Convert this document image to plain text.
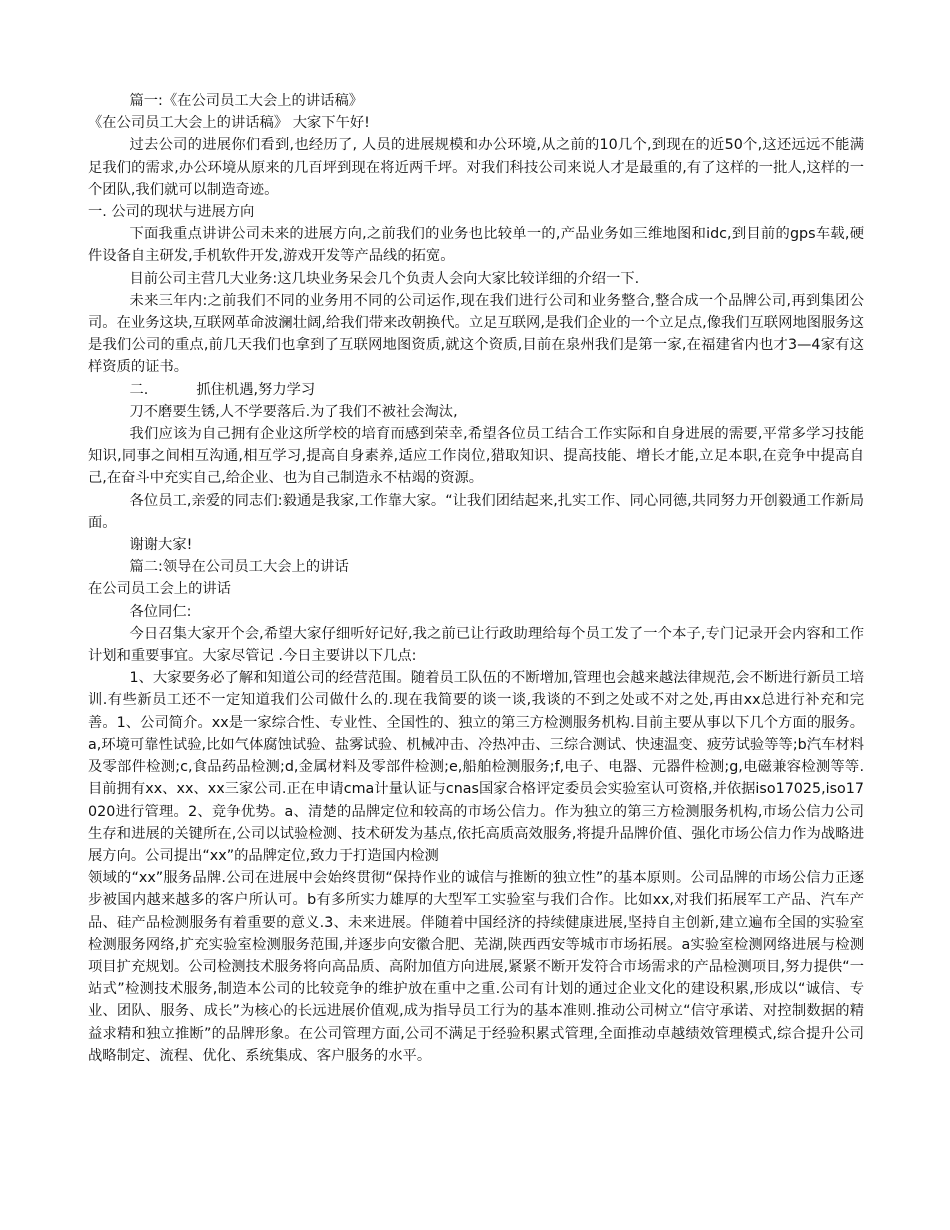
篇一:《在公司员工大会上的讲话稿》

《在公司员工大会上的讲话稿》 大家下午好!

过去公司的进展你们看到,也经历了, 人员的进展规模和办公环境,从之前的10几个,到现在的近50个,这还远远不能满足我们的需求,办公环境从原来的几百坪到现在将近两千坪。对我们科技公司来说人才是最重的,有了这样的一批人,这样的一个团队,我们就可以制造奇迹。

一. 公司的现状与进展方向

下面我重点讲讲公司未来的进展方向,之前我们的业务也比较单一的,产品业务如三维地图和idc,到目前的gps车载,硬件设备自主研发,手机软件开发,游戏开发等产品线的拓宽。

目前公司主营几大业务:这几块业务呆会几个负责人会向大家比较详细的介绍一下.

未来三年内:之前我们不同的业务用不同的公司运作,现在我们进行公司和业务整合,整合成一个品牌公司,再到集团公司。在业务这块,互联网革命波澜壮阔,给我们带来改朝换代。立足互联网,是我们企业的一个立足点,像我们互联网地图服务这是我们公司的重点,前几天我们也拿到了互联网地图资质,就这个资质,目前在泉州我们是第一家,在福建省内也才3—4家有这样资质的证书。

二.	抓住机遇,努力学习

刀不磨要生锈,人不学要落后.为了我们不被社会淘汰,

我们应该为自己拥有企业这所学校的培育而感到荣幸,希望各位员工结合工作实际和自身进展的需要,平常多学习技能知识,同事之间相互沟通,相互学习,提高自身素养,适应工作岗位,猎取知识、提高技能、增长才能,立足本职,在竞争中提高自己,在奋斗中充实自己,给企业、也为自己制造永不枯竭的资源。

各位员工,亲爱的同志们:毅通是我家,工作靠大家。“让我们团结起来,扎实工作、同心同德,共同努力开创毅通工作新局面。

谢谢大家!

篇二:领导在公司员工大会上的讲话

在公司员工会上的讲话

各位同仁:

今日召集大家开个会,希望大家仔细听好记好,我之前已让行政助理给每个员工发了一个本子,专门记录开会内容和工作计划和重要事宜。大家尽管记 .今日主要讲以下几点:

1、大家要务必了解和知道公司的经营范围。随着员工队伍的不断增加,管理也会越来越法律规范,会不断进行新员工培训.有些新员工还不一定知道我们公司做什么的.现在我简要的谈一谈,我谈的不到之处或不对之处,再由xx总进行补充和完善。1、公司简介。xx是一家综合性、专业性、全国性的、独立的第三方检测服务机构.目前主要从事以下几个方面的服务。a,环境可靠性试验,比如气体腐蚀试验、盐雾试验、机械冲击、冷热冲击、三综合测试、快速温变、疲劳试验等等;b汽车材料及零部件检测;c,食品药品检测;d,金属材料及零部件检测;e,船舶检测服务;f,电子、电器、元器件检测;g,电磁兼容检测等等.目前拥有xx、xx、xx三家公司.正在申请cma计量认证与cnas国家合格评定委员会实验室认可资格,并依据iso17025,iso17020进行管理。2、竞争优势。a、清楚的品牌定位和较高的市场公信力。作为独立的第三方检测服务机构,市场公信力公司生存和进展的关键所在,公司以试验检测、技术研发为基点,依托高质高效服务,将提升品牌价值、强化市场公信力作为战略进展方向。公司提出“xx”的品牌定位,致力于打造国内检测

领域的“xx”服务品牌.公司在进展中会始终贯彻“保持作业的诚信与推断的独立性”的基本原则。公司品牌的市场公信力正逐步被国内越来越多的客户所认可。b有多所实力雄厚的大型军工实验室与我们合作。比如xx,对我们拓展军工产品、汽车产品、硅产品检测服务有着重要的意义.3、未来进展。伴随着中国经济的持续健康进展,坚持自主创新,建立遍布全国的实验室检测服务网络,扩充实验室检测服务范围,并逐步向安徽合肥、芜湖,陕西西安等城市市场拓展。a实验室检测网络进展与检测项目扩充规划。公司检测技术服务将向高品质、高附加值方向进展,紧紧不断开发符合市场需求的产品检测项目,努力提供“一站式”检测技术服务,制造本公司的比较竞争的维护放在重中之重.公司有计划的通过企业文化的建设积累,形成以“诚信、专业、团队、服务、成长”为核心的长远进展价值观,成为指导员工行为的基本准则.推动公司树立“信守承诺、对控制数据的精益求精和独立推断”的品牌形象。在公司管理方面,公司不满足于经验积累式管理,全面推动卓越绩效管理模式,综合提升公司战略制定、流程、优化、系统集成、客户服务的水平。
